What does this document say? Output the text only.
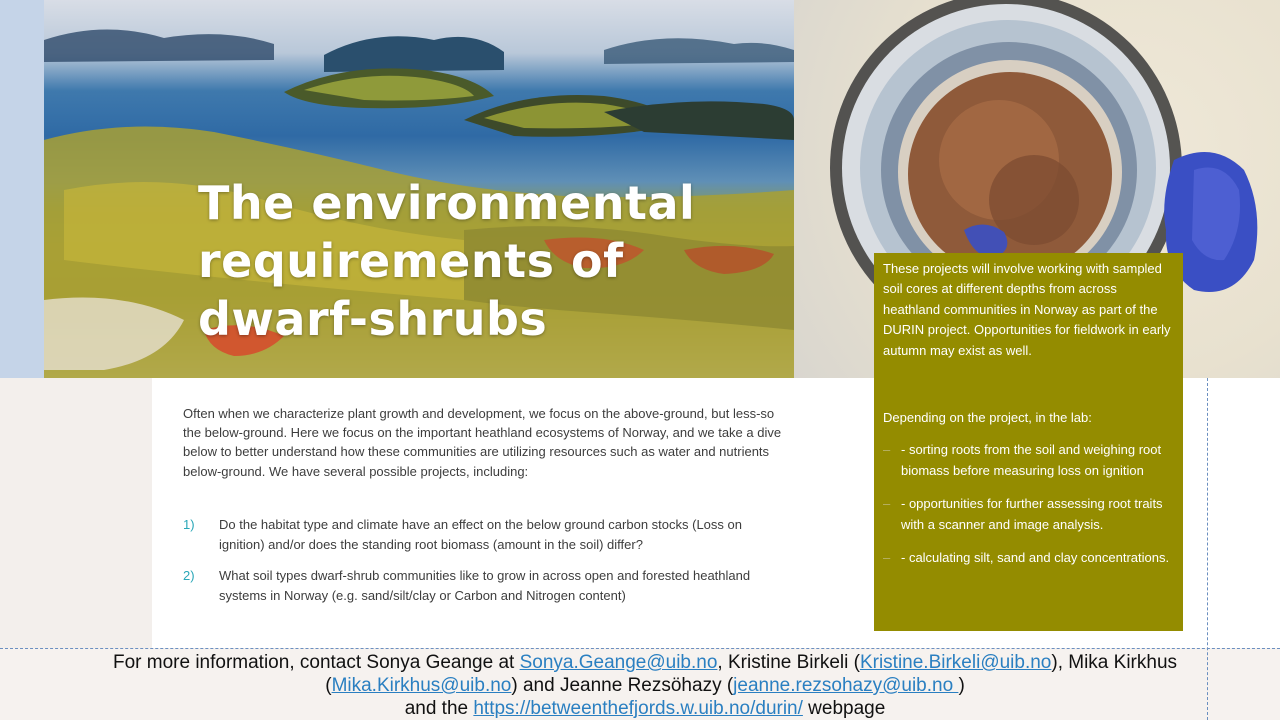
The environmental
requirements of
dwarf-shrubs

Often when we characterize plant growth and development, we focus on the above-ground, but less-so the below-ground. Here we focus on the important heathland ecosystems of Norway, and we take a dive below to better understand how these communities are utilizing resources such as water and nutrients below-ground. We have several possible projects, including:

1) Do the habitat type and climate have an effect on the below ground carbon stocks (Loss on ignition) and/or does the standing root biomass (amount in the soil) differ?
2) What soil types dwarf-shrub communities like to grow in across open and forested heathland systems in Norway (e.g. sand/silt/clay or Carbon and Nitrogen content)

These projects will involve working with sampled soil cores at different depths from across heathland communities in Norway as part of the DURIN project. Opportunities for fieldwork in early autumn may exist as well.

Depending on the project, in the lab:

– - sorting roots from the soil and weighing root biomass before measuring loss on ignition
– - opportunities for further assessing root traits with a scanner and image analysis.
– - calculating silt, sand and clay concentrations.
For more information, contact Sonya Geange at Sonya.Geange@uib.no, Kristine Birkeli (Kristine.Birkeli@uib.no), Mika Kirkhus (Mika.Kirkhus@uib.no) and Jeanne Rezsöhazy (jeanne.rezsohazy@uib.no )
and the https://betweenthefjords.w.uib.no/durin/ webpage
